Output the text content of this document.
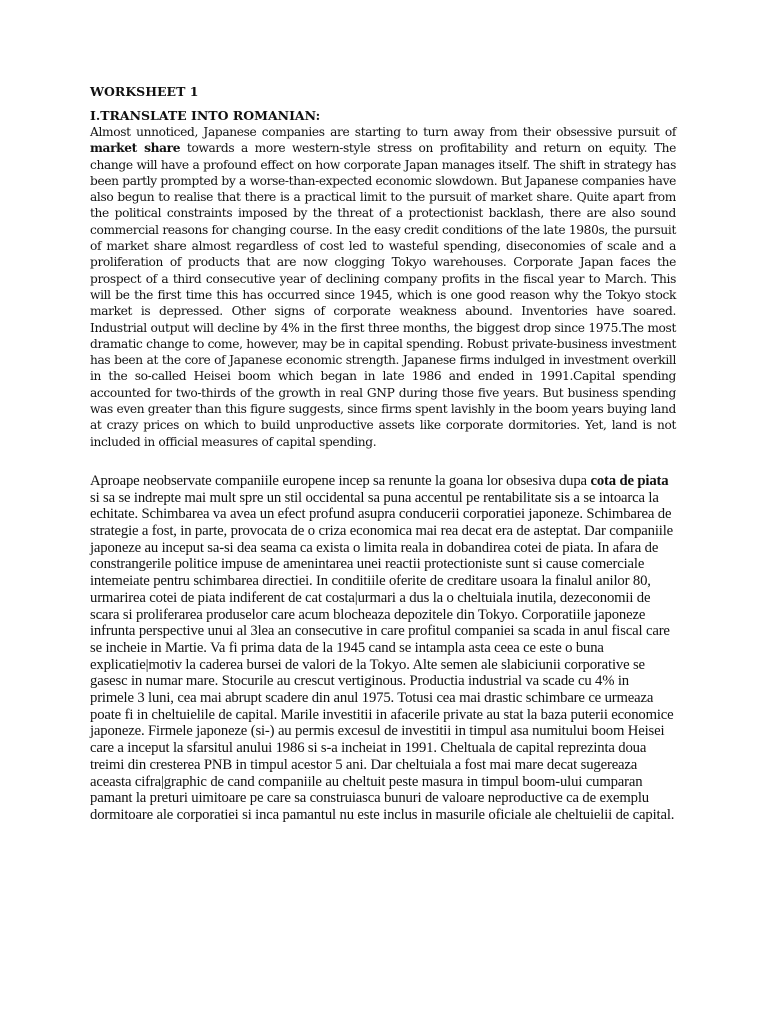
WORKSHEET 1
I.TRANSLATE INTO ROMANIAN:

Almost unnoticed, Japanese companies are starting to turn away from their obsessive pursuit of market share towards a more western-style stress on profitability and return on equity. The change will have a profound effect on how corporate Japan manages itself. The shift in strategy has been partly prompted by a worse-than-expected economic slowdown. But Japanese companies have also begun to realise that there is a practical limit to the pursuit of market share. Quite apart from the political constraints imposed by the threat of a protectionist backlash, there are also sound commercial reasons for changing course. In the easy credit conditions of the late 1980s, the pursuit of market share almost regardless of cost led to wasteful spending, diseconomies of scale and a proliferation of products that are now clogging Tokyo warehouses. Corporate Japan faces the prospect of a third consecutive year of declining company profits in the fiscal year to March. This will be the first time this has occurred since 1945, which is one good reason why the Tokyo stock market is depressed. Other signs of corporate weakness abound. Inventories have soared. Industrial output will decline by 4% in the first three months, the biggest drop since 1975.The most dramatic change to come, however, may be in capital spending. Robust private-business investment has been at the core of Japanese economic strength. Japanese firms indulged in investment overkill in the so-called Heisei boom which began in late 1986 and ended in 1991.Capital spending accounted for two-thirds of the growth in real GNP during those five years. But business spending was even greater than this figure suggests, since firms spent lavishly in the boom years buying land at crazy prices on which to build unproductive assets like corporate dormitories. Yet, land is not included in official measures of capital spending.

Aproape neobservate companiile europene incep sa renunte la goana lor obsesiva dupa cota de piata si sa se indrepte mai mult spre un stil occidental sa puna accentul pe rentabilitate sis a se intoarca la echitate. Schimbarea va avea un efect profund asupra conducerii corporatiei japoneze. Schimbarea de strategie a fost, in parte, provocata de o criza economica mai rea decat era de asteptat. Dar companiile japoneze au inceput sa-si dea seama ca exista o limita reala in dobandirea cotei de piata. In afara de constrangerile politice impuse de amenintarea unei reactii protectioniste sunt si cause comerciale intemeiate pentru schimbarea directiei. In conditiile oferite de creditare usoara la finalul anilor 80, urmarirea cotei de piata indiferent de cat costa|urmari a dus la o cheltuiala inutila, dezeconomii de scara si proliferarea produselor care acum blocheaza depozitele din Tokyo. Corporatiile japoneze infrunta perspective unui al 3lea an consecutive in care profitul companiei sa scada in anul fiscal care se incheie in Martie. Va fi prima data de la 1945 cand se intampla asta ceea ce este o buna explicatie|motiv la caderea bursei de valori de la Tokyo. Alte semen ale slabiciunii corporative se gasesc in numar mare. Stocurile au crescut vertiginous. Productia industrial va scade cu 4% in primele 3 luni, cea mai abrupt scadere din anul 1975. Totusi cea mai drastic schimbare ce urmeaza poate fi in cheltuielile de capital. Marile investitii in afacerile private au stat la baza puterii economice japoneze. Firmele japoneze (si-) au permis excesul de investitii in timpul asa numitului boom Heisei care a inceput la sfarsitul anului 1986 si s-a incheiat in 1991. Cheltuala de capital reprezinta doua treimi din cresterea PNB in timpul acestor 5 ani. Dar cheltuiala a fost mai mare decat sugereaza aceasta cifra|graphic de cand companiile au cheltuit peste masura in timpul boom-ului cumparan pamant la preturi uimitoare pe care sa construiasca bunuri de valoare neproductive ca de exemplu dormitoare ale corporatiei si inca pamantul nu este inclus in masurile oficiale ale cheltuielii de capital.
